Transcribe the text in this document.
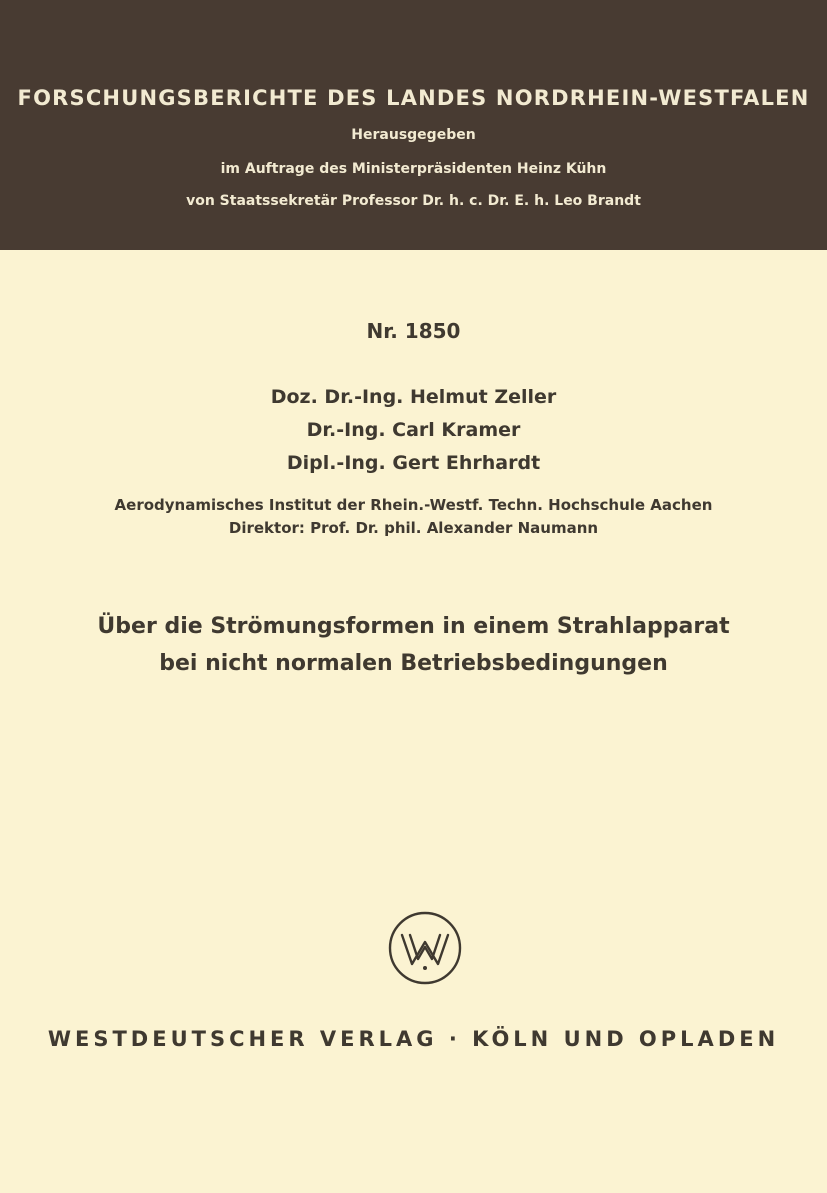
FORSCHUNGSBERICHTE DES LANDES NORDRHEIN-WESTFALEN
Herausgegeben
im Auftrage des Ministerpräsidenten Heinz Kühn
von Staatssekretär Professor Dr. h. c. Dr. E. h. Leo Brandt
Nr. 1850
Doz. Dr.-Ing. Helmut Zeller
Dr.-Ing. Carl Kramer
Dipl.-Ing. Gert Ehrhardt
Aerodynamisches Institut der Rhein.-Westf. Techn. Hochschule Aachen
Direktor: Prof. Dr. phil. Alexander Naumann
Über die Strömungsformen in einem Strahlapparat
bei nicht normalen Betriebsbedingungen
WESTDEUTSCHER VERLAG · KÖLN UND OPLADEN
